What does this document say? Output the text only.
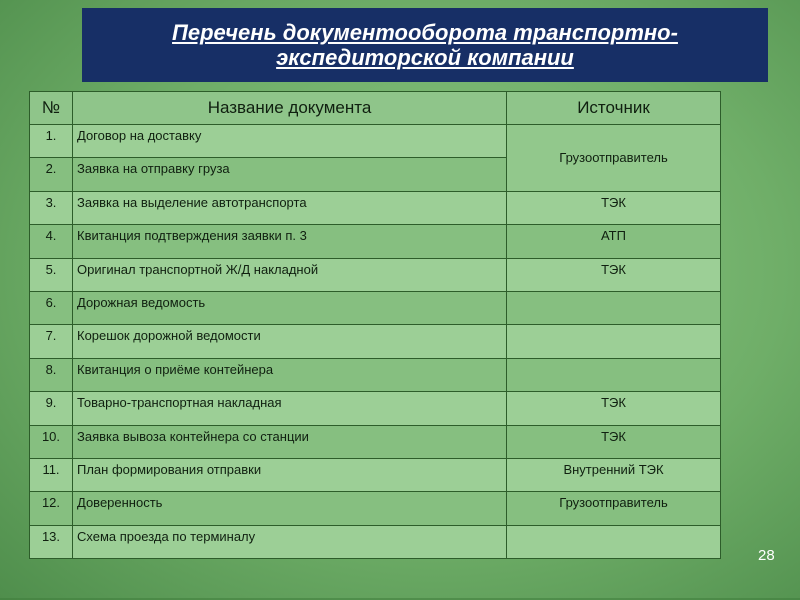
Перечень документооборота транспортно-экспедиторской компании
№	Название документа	Источник
1.	Договор на доставку	Грузоотправитель
2.	Заявка на отправку груза	
3.	Заявка на выделение автотранспорта	ТЭК
4.	Квитанция подтверждения заявки п. 3	АТП
5.	Оригинал транспортной Ж/Д накладной	ТЭК
6.	Дорожная ведомость	
7.	Корешок дорожной ведомости	
8.	Квитанция о приёме контейнера	
9.	Товарно-транспортная накладная	ТЭК
10.	Заявка вывоза контейнера со станции	ТЭК
11.	План формирования отправки	Внутренний ТЭК
12.	Доверенность	Грузоотправитель
13.	Схема проезда по терминалу	
28
